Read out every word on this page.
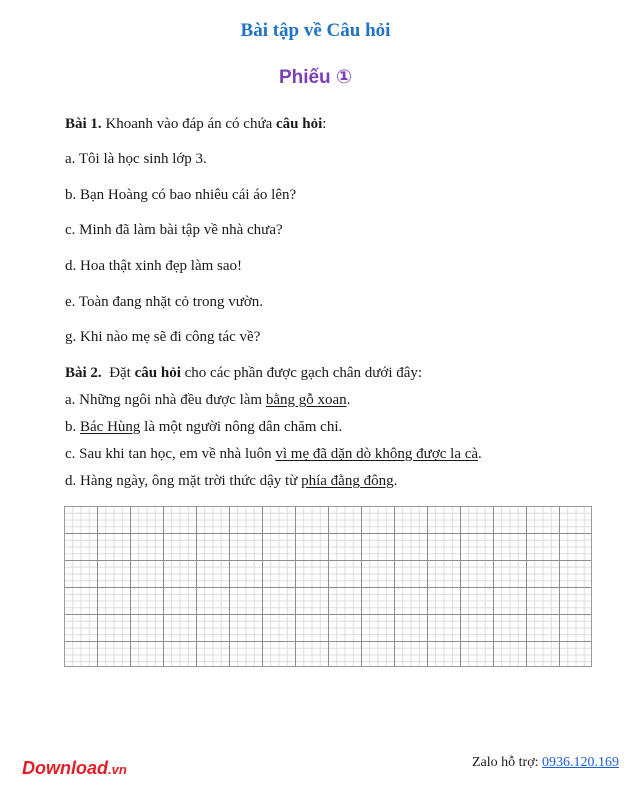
Bài tập về Câu hỏi
Phiếu ①
Bài 1. Khoanh vào đáp án có chứa câu hỏi:
a. Tôi là học sinh lớp 3.
b. Bạn Hoàng có bao nhiêu cái áo lên?
c. Minh đã làm bài tập về nhà chưa?
d. Hoa thật xinh đẹp làm sao!
e. Toàn đang nhặt cỏ trong vườn.
g. Khi nào mẹ sẽ đi công tác về?
Bài 2.  Đặt câu hỏi cho các phần được gạch chân dưới đây:
a. Những ngôi nhà đều được làm bằng gỗ xoan.
b. Bác Hùng là một người nông dân chăm chỉ.
c. Sau khi tan học, em về nhà luôn vì mẹ đã dặn dò không được la cà.
d. Hàng ngày, ông mặt trời thức dậy từ phía đằng đông.
Download.vn	Zalo hỗ trợ: 0936.120.169
